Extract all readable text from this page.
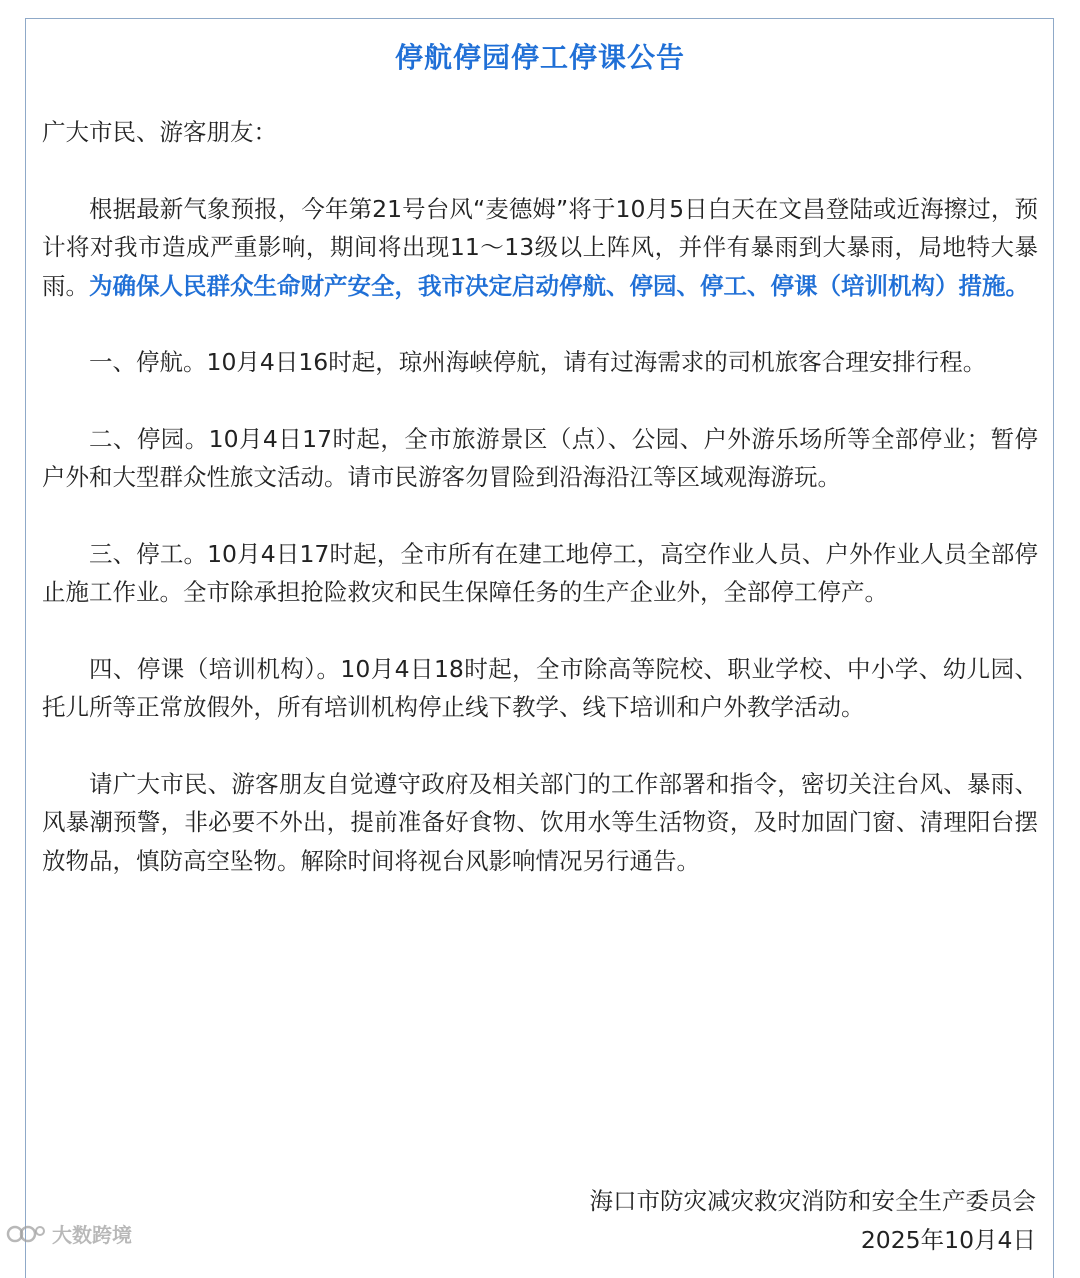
停航停园停工停课公告

广大市民、游客朋友：

根据最新气象预报，今年第21号台风“麦德姆”将于10月5日白天在文昌登陆或近海擦过，预计将对我市造成严重影响，期间将出现11～13级以上阵风，并伴有暴雨到大暴雨，局地特大暴雨。为确保人民群众生命财产安全，我市决定启动停航、停园、停工、停课（培训机构）措施。

一、停航。10月4日16时起，琼州海峡停航，请有过海需求的司机旅客合理安排行程。

二、停园。10月4日17时起，全市旅游景区（点）、公园、户外游乐场所等全部停业；暂停户外和大型群众性旅文活动。请市民游客勿冒险到沿海沿江等区域观海游玩。

三、停工。10月4日17时起，全市所有在建工地停工，高空作业人员、户外作业人员全部停止施工作业。全市除承担抢险救灾和民生保障任务的生产企业外，全部停工停产。

四、停课（培训机构）。10月4日18时起，全市除高等院校、职业学校、中小学、幼儿园、托儿所等正常放假外，所有培训机构停止线下教学、线下培训和户外教学活动。

请广大市民、游客朋友自觉遵守政府及相关部门的工作部署和指令，密切关注台风、暴雨、风暴潮预警，非必要不外出，提前准备好食物、饮用水等生活物资，及时加固门窗、清理阳台摆放物品，慎防高空坠物。解除时间将视台风影响情况另行通告。

海口市防灾减灾救灾消防和安全生产委员会
2025年10月4日
大数跨境
